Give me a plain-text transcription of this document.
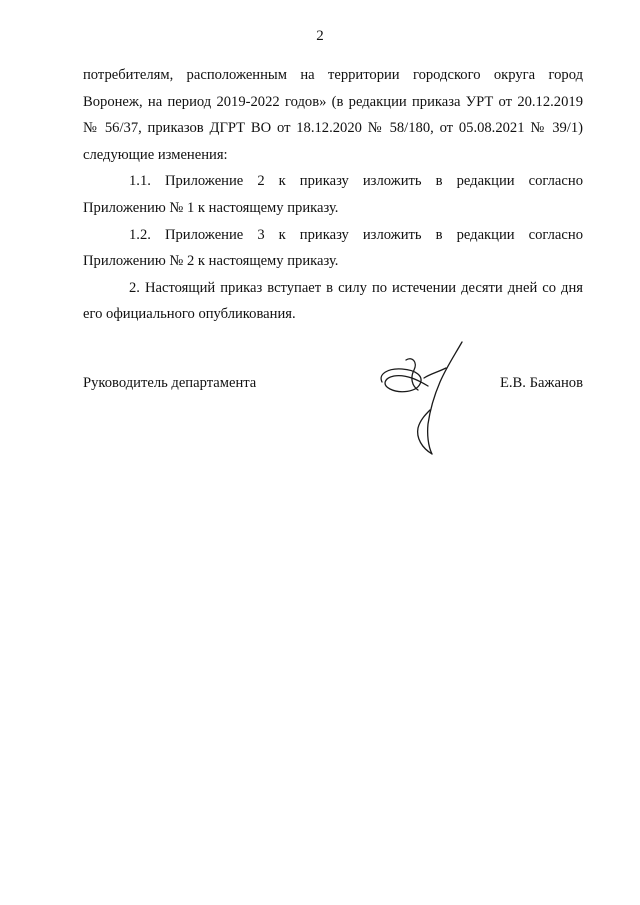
2

потребителям, расположенным на территории городского округа город Воронеж, на период 2019-2022 годов» (в редакции приказа УРТ от 20.12.2019 № 56/37, приказов ДГРТ ВО от 18.12.2020 № 58/180, от 05.08.2021 № 39/1) следующие изменения:

1.1. Приложение 2 к приказу изложить в редакции согласно Приложению № 1 к настоящему приказу.

1.2. Приложение 3 к приказу изложить в редакции согласно Приложению № 2 к настоящему приказу.

2. Настоящий приказ вступает в силу по истечении десяти дней со дня его официального опубликования.

Руководитель департамента	Е.В. Бажанов
